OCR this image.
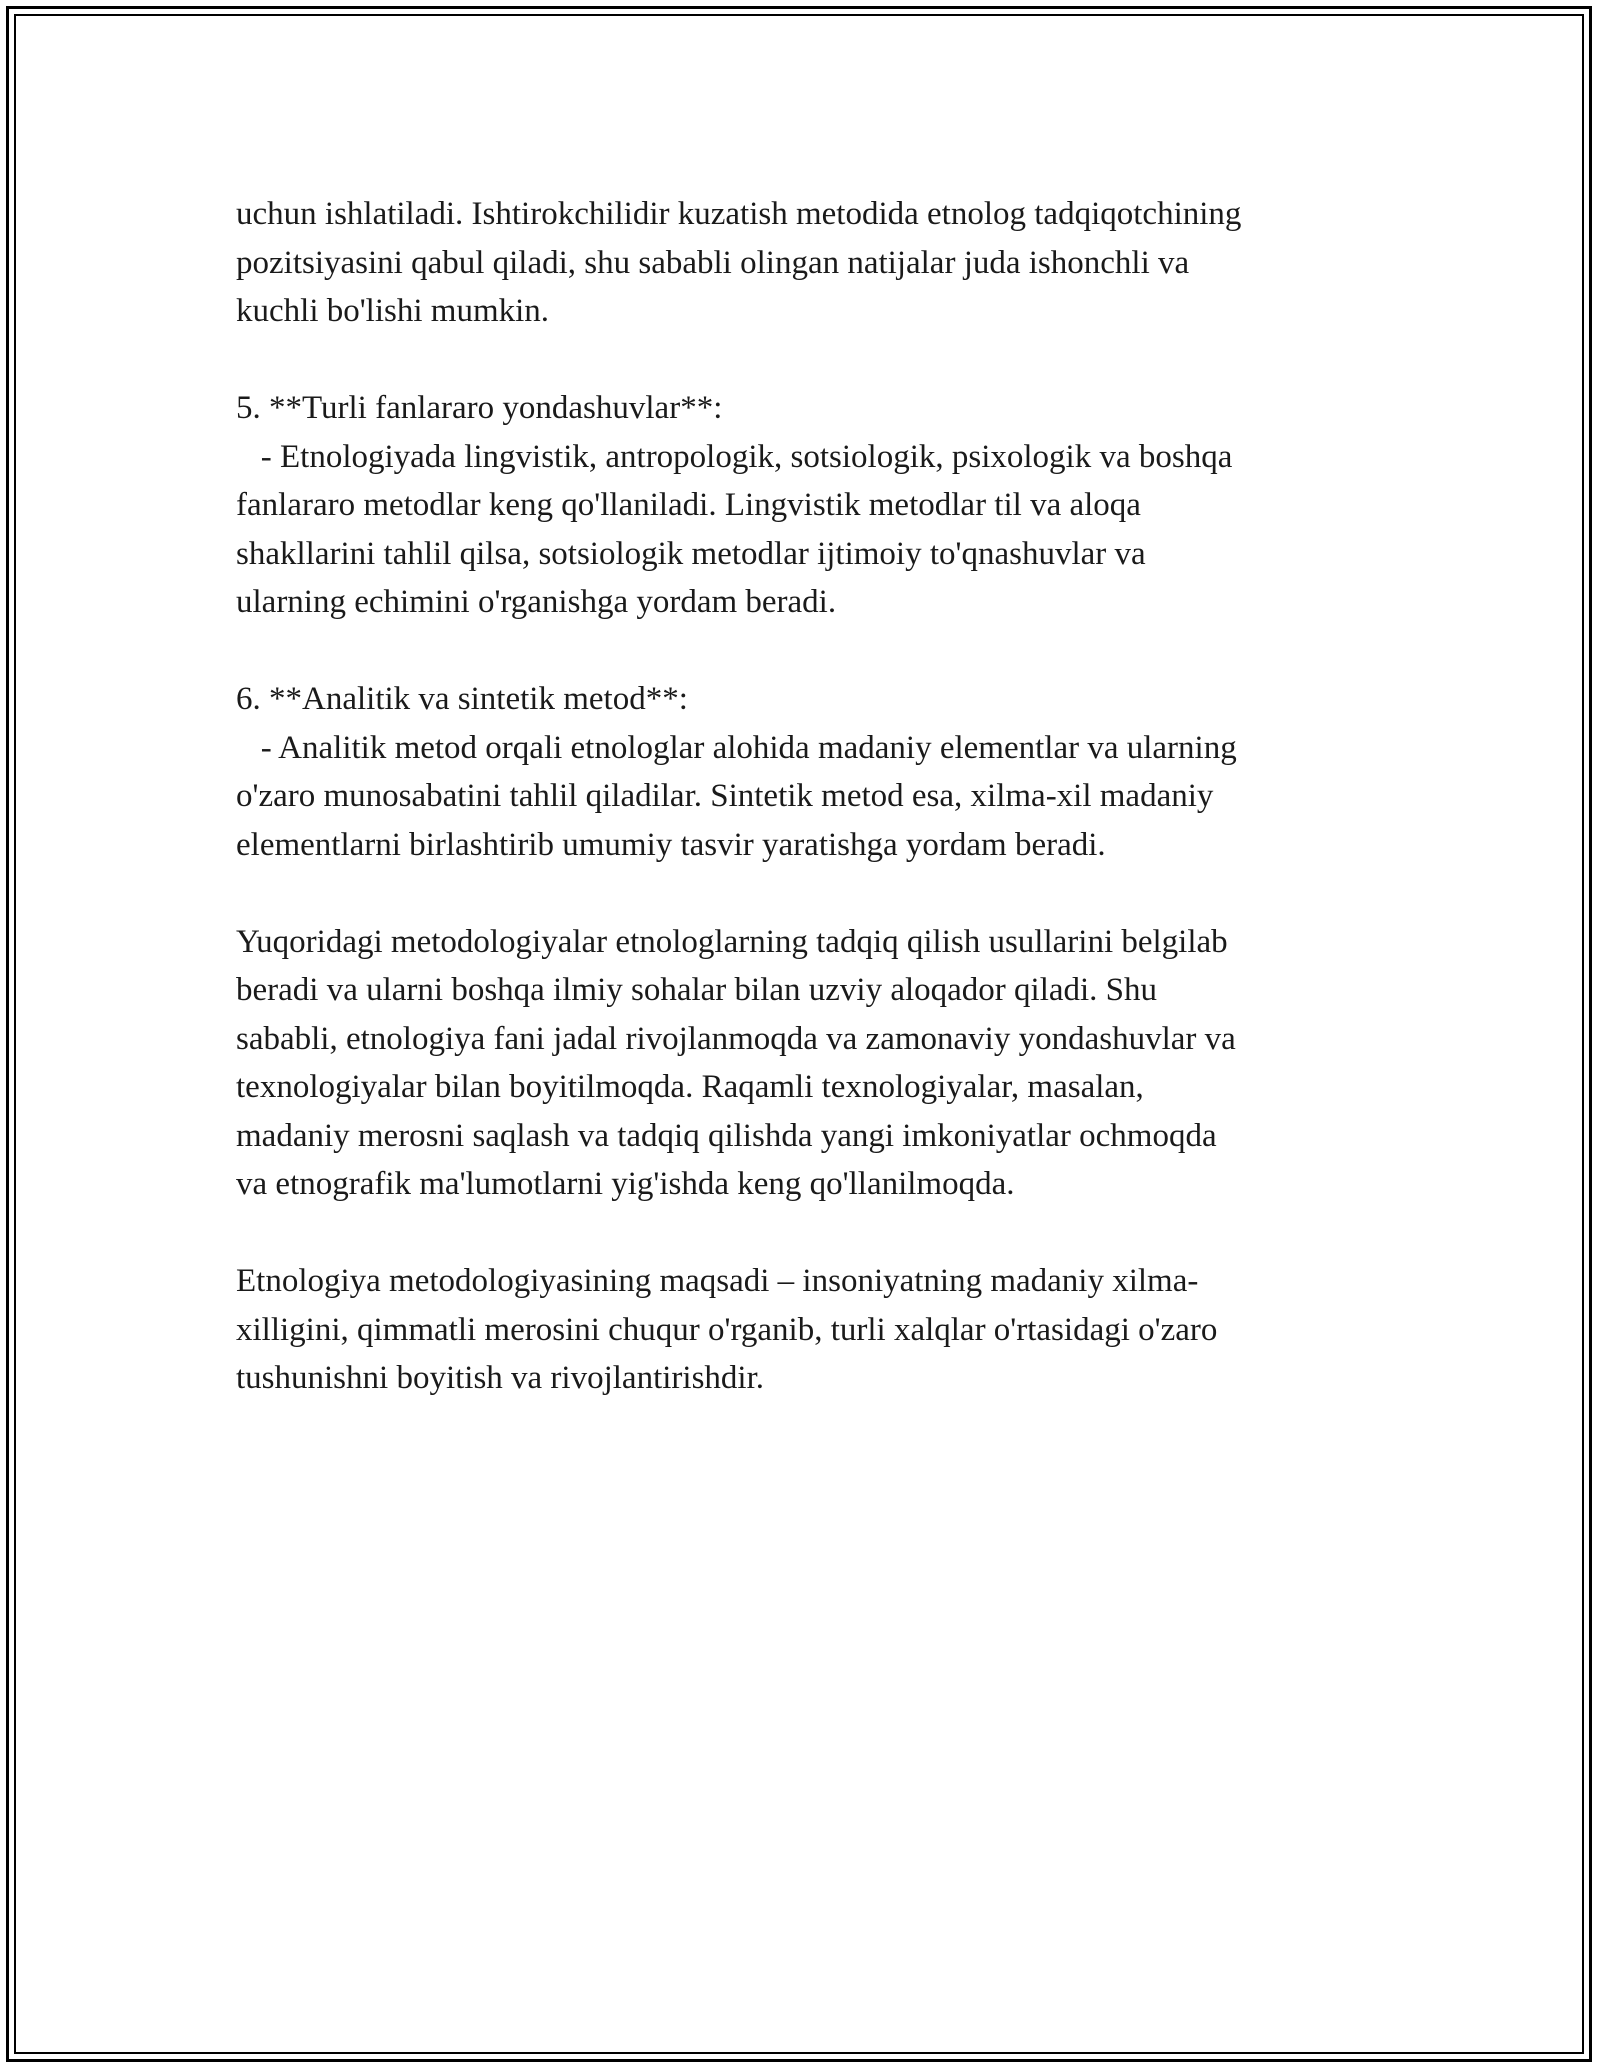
uchun ishlatiladi. Ishtirokchilidir kuzatish metodida etnolog tadqiqotchining
pozitsiyasini qabul qiladi, shu sababli olingan natijalar juda ishonchli va
kuchli bo'lishi mumkin.

5. **Turli fanlararo yondashuvlar**:
- Etnologiyada lingvistik, antropologik, sotsiologik, psixologik va boshqa
fanlararo metodlar keng qo'llaniladi. Lingvistik metodlar til va aloqa
shakllarini tahlil qilsa, sotsiologik metodlar ijtimoiy to'qnashuvlar va
ularning echimini o'rganishga yordam beradi.

6. **Analitik va sintetik metod**:
- Analitik metod orqali etnologlar alohida madaniy elementlar va ularning
o'zaro munosabatini tahlil qiladilar. Sintetik metod esa, xilma-xil madaniy
elementlarni birlashtirib umumiy tasvir yaratishga yordam beradi.

Yuqoridagi metodologiyalar etnologlarning tadqiq qilish usullarini belgilab
beradi va ularni boshqa ilmiy sohalar bilan uzviy aloqador qiladi. Shu
sababli, etnologiya fani jadal rivojlanmoqda va zamonaviy yondashuvlar va
texnologiyalar bilan boyitilmoqda. Raqamli texnologiyalar, masalan,
madaniy merosni saqlash va tadqiq qilishda yangi imkoniyatlar ochmoqda
va etnografik ma'lumotlarni yig'ishda keng qo'llanilmoqda.

Etnologiya metodologiyasining maqsadi – insoniyatning madaniy xilma-
xilligini, qimmatli merosini chuqur o'rganib, turli xalqlar o'rtasidagi o'zaro
tushunishni boyitish va rivojlantirishdir.
